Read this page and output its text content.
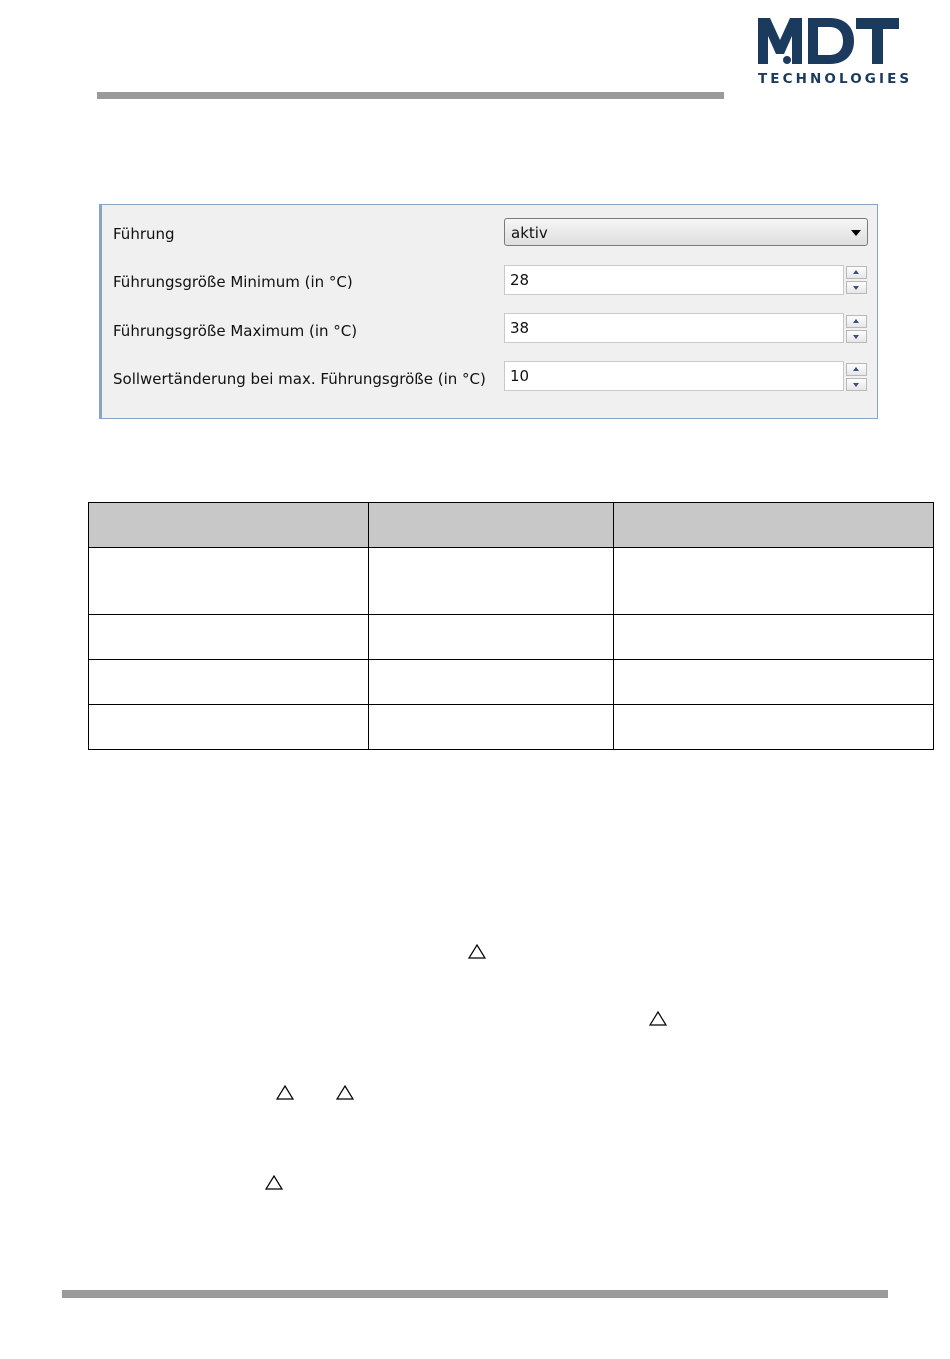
TECHNOLOGIES
Führung	aktiv
Führungsgröße Minimum (in °C)	28
Führungsgröße Maximum (in °C)	38
Sollwertänderung bei max. Führungsgröße (in °C) 10
